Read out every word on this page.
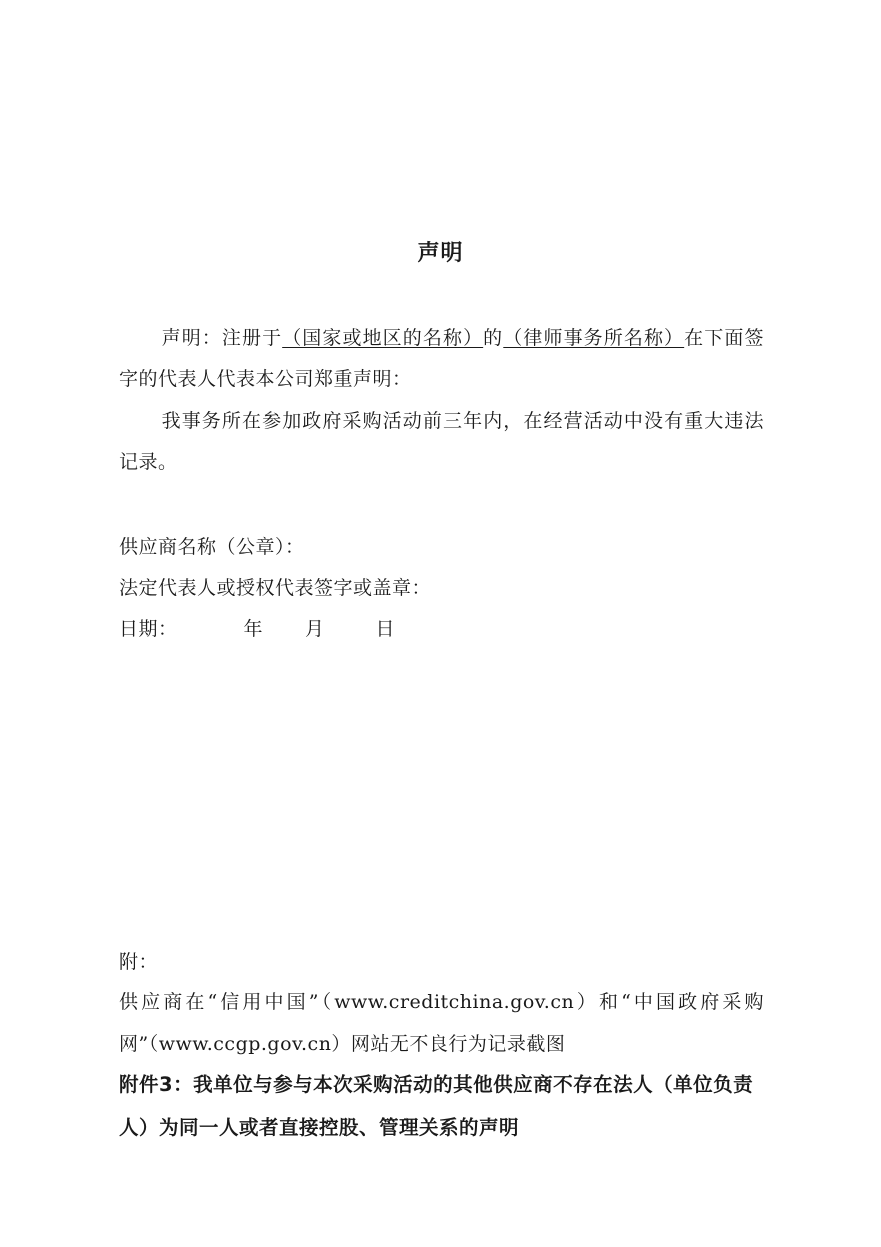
声明
声明：注册于（国家或地区的名称）的（律师事务所名称）在下面签字的代表人代表本公司郑重声明：
我事务所在参加政府采购活动前三年内，在经营活动中没有重大违法记录。
供应商名称（公章）：
法定代表人或授权代表签字或盖章：
日期：	年 月	日
附：
供应商在“信用中国”（www.creditchina.gov.cn）和“中国政府采购网”（www.ccgp.gov.cn）网站无不良行为记录截图
附件3：我单位与参与本次采购活动的其他供应商不存在法人（单位负责人）为同一人或者直接控股、管理关系的声明
